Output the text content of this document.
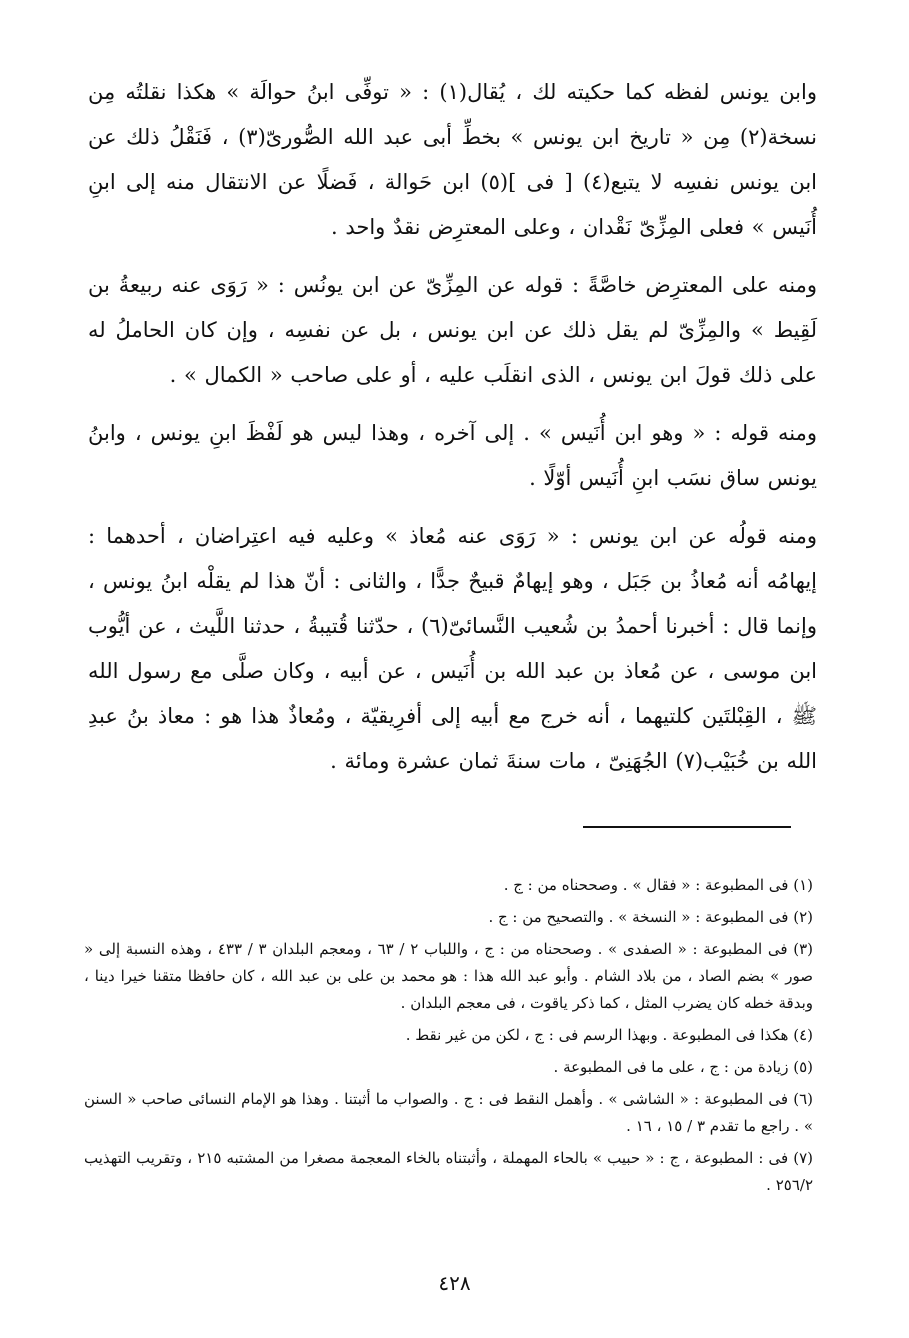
وابن يونس لفظه كما حكيته لك ، يُقال(١) : « توفِّى ابنُ حوالَة » هكذا نقلتُه مِن نسخة(٢) مِن « تاريخ ابن يونس » بخطِّ أبى عبد الله الصُّورىّ(٣) ، فَنَقْلُ ذلك عن ابن يونس نفسِه لا يتبع(٤) [ فى ](٥) ابن حَوالة ، فَضلًا عن الانتقال منه إلى ابنِ أُنَيس » فعلى المِزِّىّ نَقْدان ، وعلى المعترِض نقدٌ واحد .

ومنه على المعترِض خاصَّةً : قوله عن المِزِّىّ عن ابن يونُس : « رَوَى عنه ربيعةُ بن لَقِيط » والمِزِّىّ لم يقل ذلك عن ابن يونس ، بل عن نفسِه ، وإن كان الحاملُ له على ذلك قولَ ابن يونس ، الذى انقلَب عليه ، أو على صاحب « الكمال » .

ومنه قوله : « وهو ابن أُنَيس » . إلى آخره ، وهذا ليس هو لَفْظَ ابنِ يونس ، وابنُ يونس ساق نسَب ابنِ أُنَيس أوّلًا .

ومنه قولُه عن ابن يونس : « رَوَى عنه مُعاذ » وعليه فيه اعتِراضان ، أحدهما : إيهامُه أنه مُعاذُ بن جَبَل ، وهو إيهامٌ قبيحٌ جدًّا ، والثانى : أنّ هذا لم يقلْه ابنُ يونس ، وإنما قال : أخبرنا أحمدُ بن شُعيب النَّسائىّ(٦) ، حدّثنا قُتيبةُ ، حدثنا اللَّيث ، عن أيُّوب ابن موسى ، عن مُعاذ بن عبد الله بن أُنَيس ، عن أبيه ، وكان صلَّى مع رسول الله ﷺ ، القِبْلتَين كلتيهما ، أنه خرج مع أبيه إلى أفرِيقيّة ، ومُعاذٌ هذا هو : معاذ بنُ عبدِ الله بن خُبَيْب(٧) الجُهَنِىّ ، مات سنةَ ثمان عشرة ومائة .

(١) فى المطبوعة : « فقال » . وصححناه من : ج .

(٢) فى المطبوعة : « النسخة » . والتصحيح من : ج .

(٣) فى المطبوعة : « الصفدى » . وصححناه من : ج ، واللباب ٢ / ٦٣ ، ومعجم البلدان ٣ / ٤٣٣ ، وهذه النسبة إلى « صور » بضم الصاد ، من بلاد الشام . وأبو عبد الله هذا : هو محمد بن على بن عبد الله ، كان حافظا متقنا خيرا دينا ، وبدقة خطه كان يضرب المثل ، كما ذكر ياقوت ، فى معجم البلدان .

(٤) هكذا فى المطبوعة . وبهذا الرسم فى : ج ، لكن من غير نقط .

(٥) زيادة من : ج ، على ما فى المطبوعة .

(٦) فى المطبوعة : « الشاشى » . وأهمل النقط فى : ج . والصواب ما أثبتنا . وهذا هو الإمام النسائى صاحب « السنن » . راجع ما تقدم ٣ / ١٥ ، ١٦ .

(٧) فى : المطبوعة ، ج : « حبيب » بالحاء المهملة ، وأثبتناه بالخاء المعجمة مصغرا من المشتبه ٢١٥ ، وتقريب التهذيب ٢٥٦/٢ .

٤٢٨
